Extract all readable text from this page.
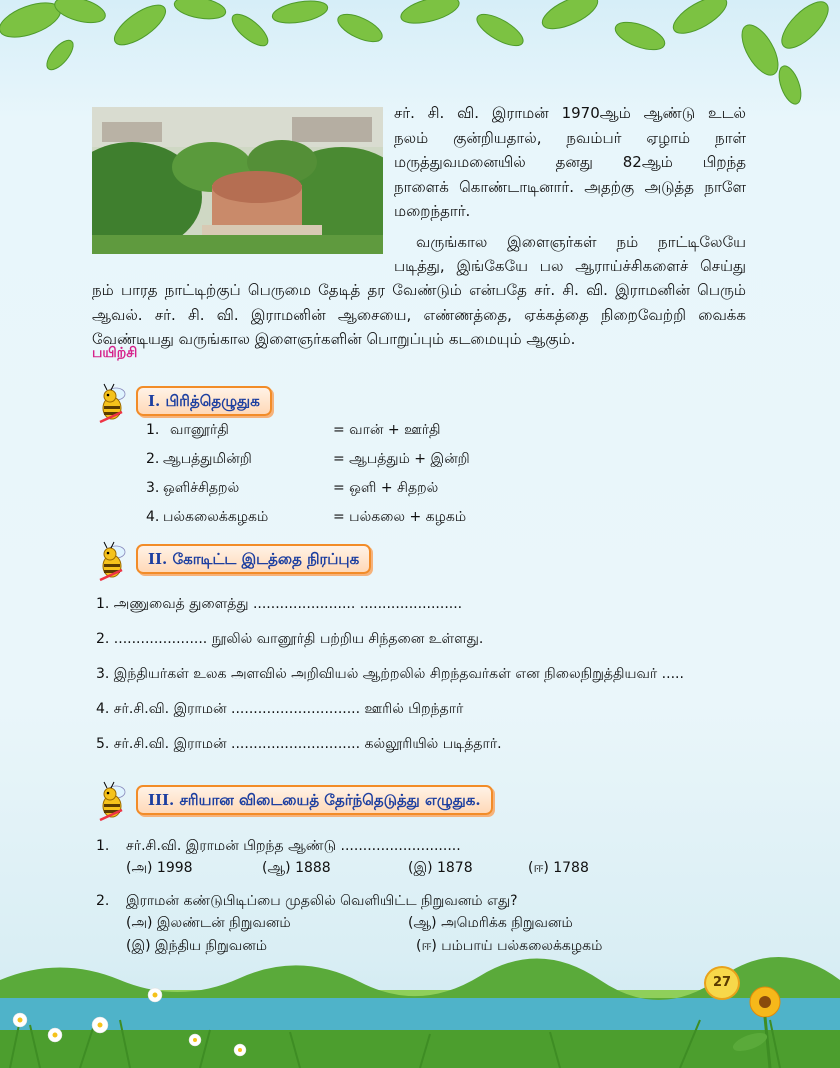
சர். சி. வி. இராமன் 1970ஆம் ஆண்டு உடல்
நலம் குன்றியதால், நவம்பர் ஏழாம் நாள்
மருத்துவமனையில் தனது 82ஆம் பிறந்த
நாளைக் கொண்டாடினார். அதற்கு அடுத்த நாளே
மறைந்தார்.
வருங்கால இளைஞர்கள் நம் நாட்டிலேயே
படித்து, இங்கேயே பல ஆராய்ச்சிகளைச் செய்து
நம் பாரத நாட்டிற்குப் பெருமை தேடித் தர வேண்டும் என்பதே சர். சி. வி. இராமனின் பெரும்
ஆவல். சர். சி. வி. இராமனின் ஆசையை, எண்ணத்தை, ஏக்கத்தை நிறைவேற்றி வைக்க
வேண்டியது வருங்கால இளைஞர்களின் பொறுப்பும் கடமையும் ஆகும்.
பயிற்சி
I. பிரித்தெழுதுக
1. வானூர்தி	= வான் + ஊர்தி
2. ஆபத்துமின்றி	= ஆபத்தும் + இன்றி
3. ஒளிச்சிதறல்	= ஒளி + சிதறல்
4. பல்கலைக்கழகம்	= பல்கலை + கழகம்
II. கோடிட்ட இடத்தை நிரப்புக
1. அணுவைத் துளைத்து ....................... .......................
2. ..................... நூலில் வானூர்தி பற்றிய சிந்தனை உள்ளது.
3. இந்தியர்கள் உலக அளவில் அறிவியல் ஆற்றலில் சிறந்தவர்கள் என நிலைநிறுத்தியவர் .....
4. சர்.சி.வி. இராமன் ............................. ஊரில் பிறந்தார்
5. சர்.சி.வி. இராமன் ............................. கல்லூரியில் படித்தார்.
III. சரியான விடையைத் தேர்ந்தெடுத்து எழுதுக.
1. சர்.சி.வி. இராமன் பிறந்த ஆண்டு ...........................
(அ) 1998	(ஆ) 1888	(இ) 1878	(ஈ) 1788
2. இராமன் கண்டுபிடிப்பை முதலில் வெளியிட்ட நிறுவனம் எது?
(அ) இலண்டன் நிறுவனம்	(ஆ) அமெரிக்க நிறுவனம்
(இ) இந்திய நிறுவனம்	(ஈ) பம்பாய் பல்கலைக்கழகம்
27
